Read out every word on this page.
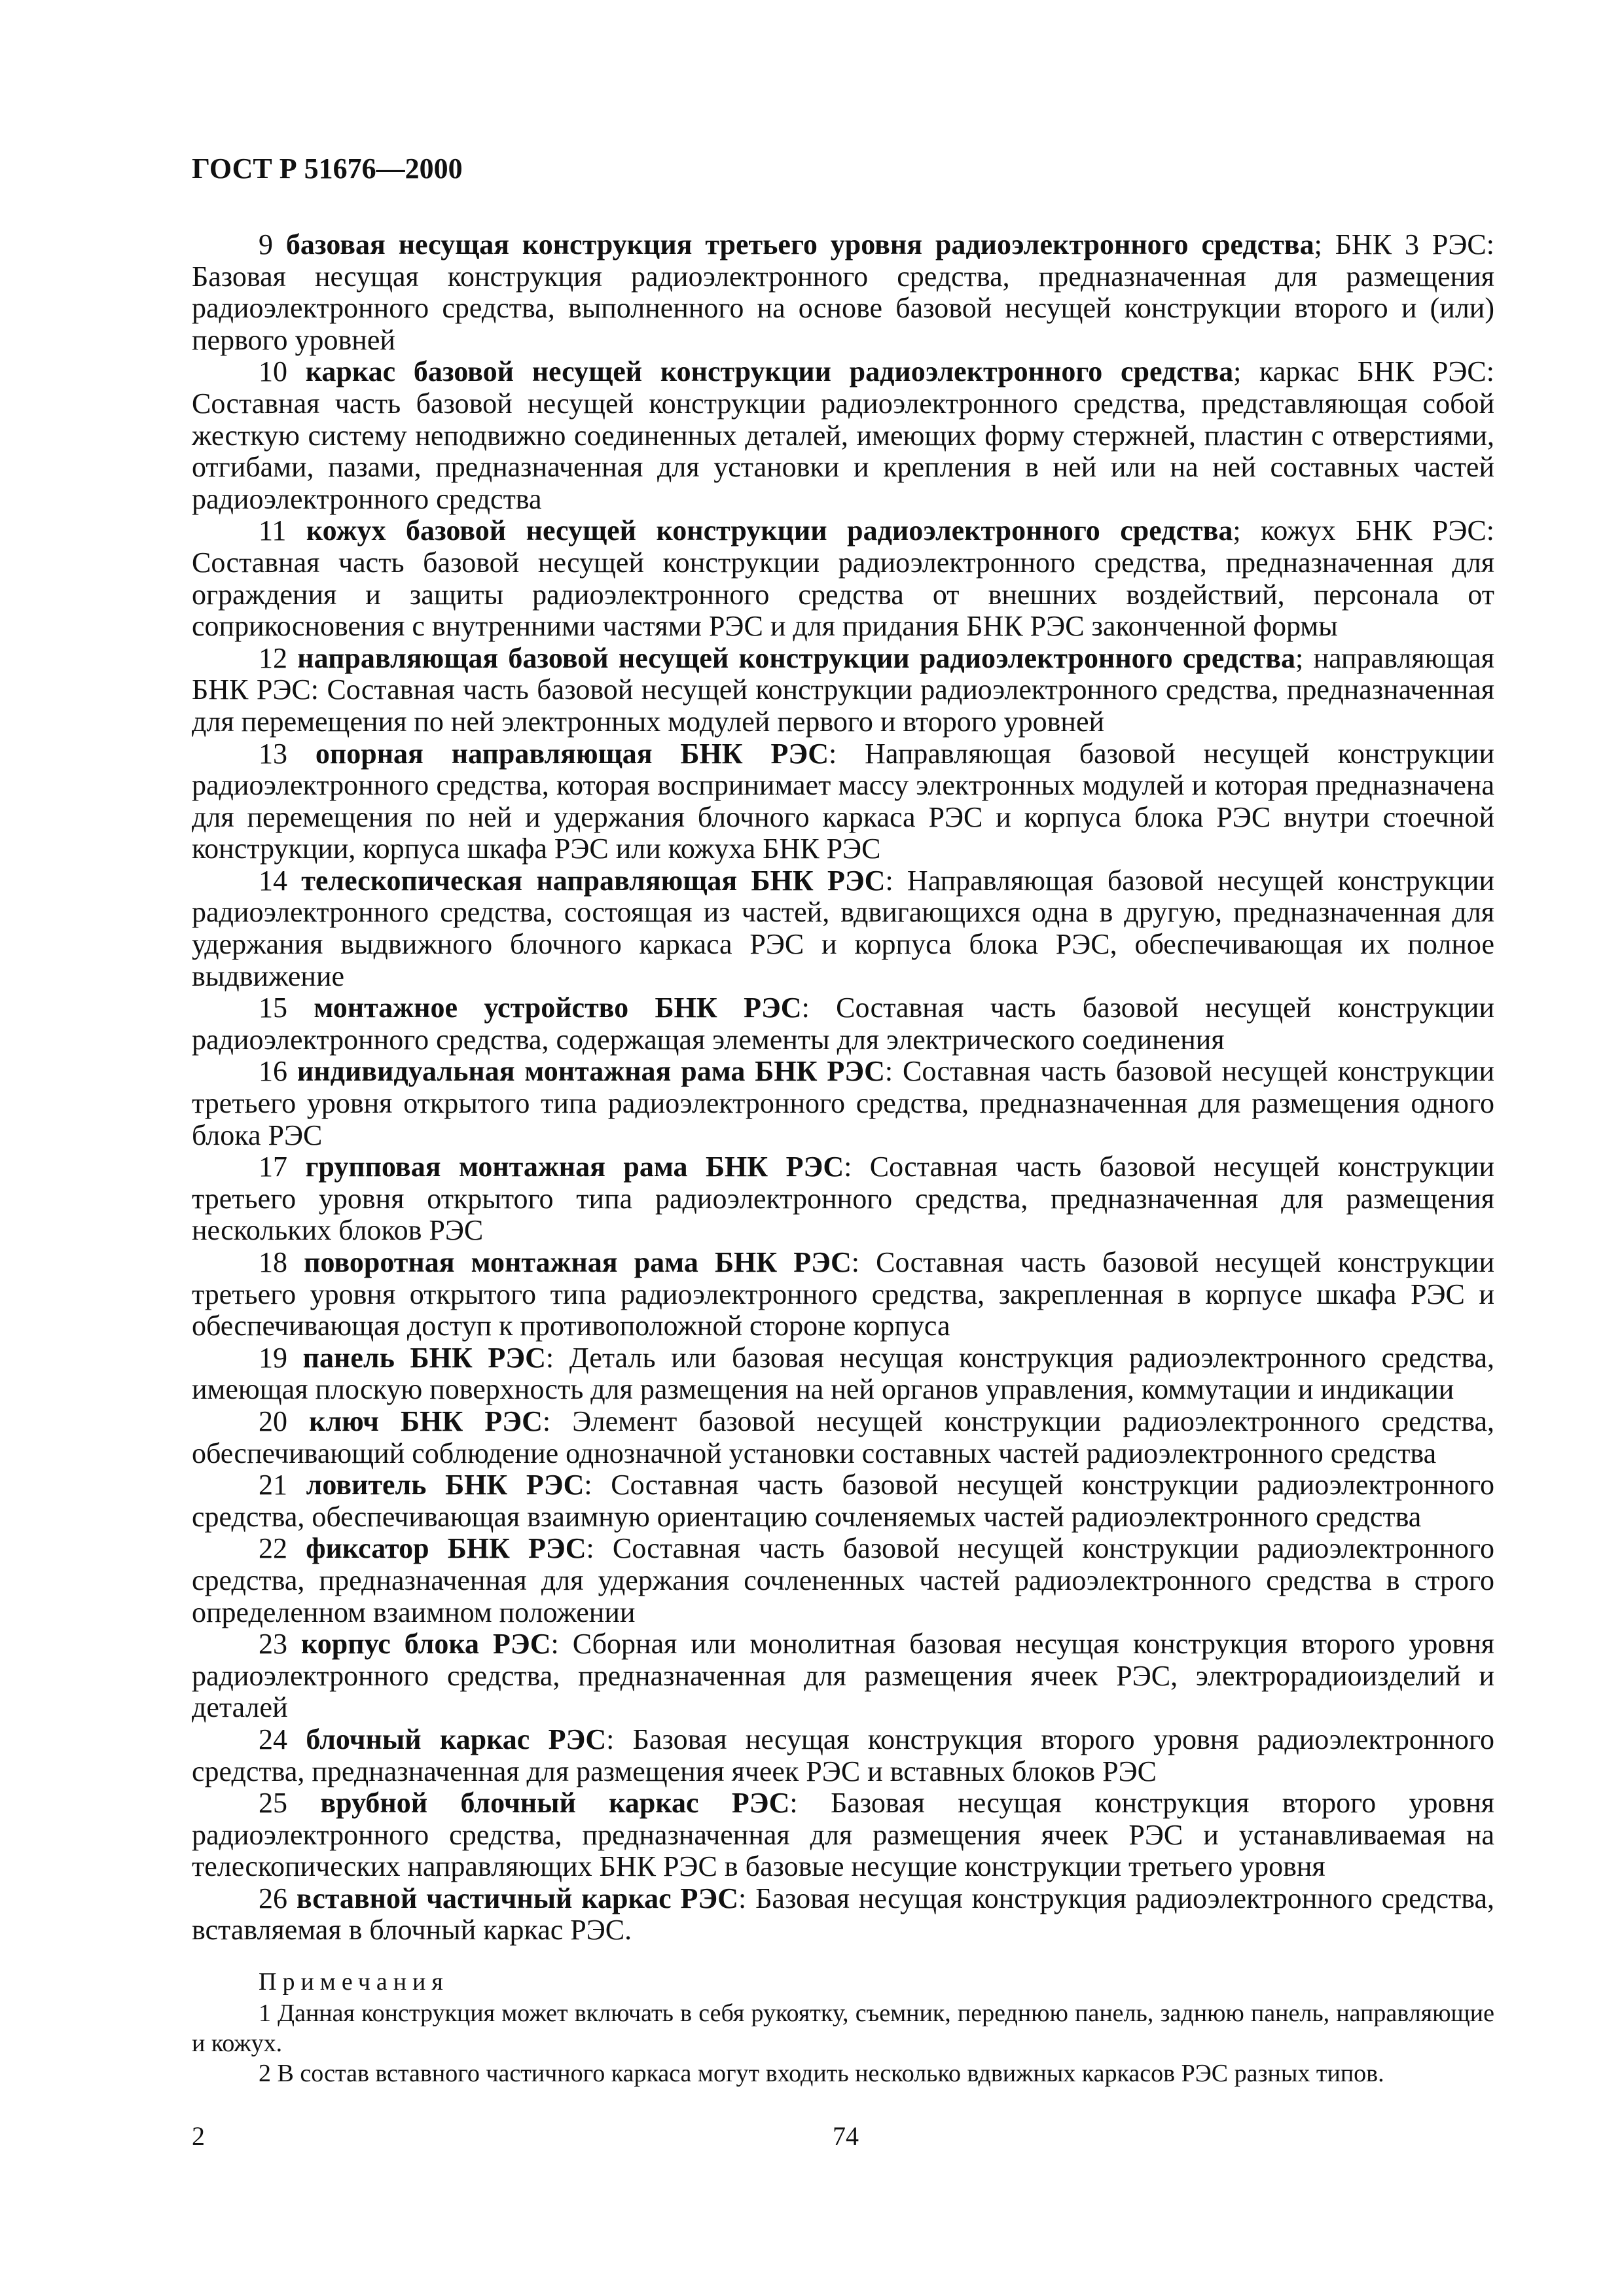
ГОСТ Р 51676—2000

9 базовая несущая конструкция третьего уровня радиоэлектронного средства; БНК 3 РЭС: Базовая несущая конструкция радиоэлектронного средства, предназначенная для размещения радиоэлектронного средства, выполненного на основе базовой несущей конструкции второго и (или) первого уровней

10 каркас базовой несущей конструкции радиоэлектронного средства; каркас БНК РЭС: Составная часть базовой несущей конструкции радиоэлектронного средства, представляющая собой жесткую систему неподвижно соединенных деталей, имеющих форму стержней, пластин с отверстиями, отгибами, пазами, предназначенная для установки и крепления в ней или на ней составных частей радиоэлектронного средства

11 кожух базовой несущей конструкции радиоэлектронного средства; кожух БНК РЭС: Составная часть базовой несущей конструкции радиоэлектронного средства, предназначенная для ограждения и защиты радиоэлектронного средства от внешних воздействий, персонала от соприкосновения с внутренними частями РЭС и для придания БНК РЭС законченной формы

12 направляющая базовой несущей конструкции радиоэлектронного средства; направляющая БНК РЭС: Составная часть базовой несущей конструкции радиоэлектронного средства, предназначенная для перемещения по ней электронных модулей первого и второго уровней

13 опорная направляющая БНК РЭС: Направляющая базовой несущей конструкции радиоэлектронного средства, которая воспринимает массу электронных модулей и которая предназначена для перемещения по ней и удержания блочного каркаса РЭС и корпуса блока РЭС внутри стоечной конструкции, корпуса шкафа РЭС или кожуха БНК РЭС

14 телескопическая направляющая БНК РЭС: Направляющая базовой несущей конструкции радиоэлектронного средства, состоящая из частей, вдвигающихся одна в другую, предназначенная для удержания выдвижного блочного каркаса РЭС и корпуса блока РЭС, обеспечивающая их полное выдвижение

15 монтажное устройство БНК РЭС: Составная часть базовой несущей конструкции радиоэлектронного средства, содержащая элементы для электрического соединения

16 индивидуальная монтажная рама БНК РЭС: Составная часть базовой несущей конструкции третьего уровня открытого типа радиоэлектронного средства, предназначенная для размещения одного блока РЭС

17 групповая монтажная рама БНК РЭС: Составная часть базовой несущей конструкции третьего уровня открытого типа радиоэлектронного средства, предназначенная для размещения нескольких блоков РЭС

18 поворотная монтажная рама БНК РЭС: Составная часть базовой несущей конструкции третьего уровня открытого типа радиоэлектронного средства, закрепленная в корпусе шкафа РЭС и обеспечивающая доступ к противоположной стороне корпуса

19 панель БНК РЭС: Деталь или базовая несущая конструкция радиоэлектронного средства, имеющая плоскую поверхность для размещения на ней органов управления, коммутации и индикации

20 ключ БНК РЭС: Элемент базовой несущей конструкции радиоэлектронного средства, обеспечивающий соблюдение однозначной установки составных частей радиоэлектронного средства

21 ловитель БНК РЭС: Составная часть базовой несущей конструкции радиоэлектронного средства, обеспечивающая взаимную ориентацию сочленяемых частей радиоэлектронного средства

22 фиксатор БНК РЭС: Составная часть базовой несущей конструкции радиоэлектронного средства, предназначенная для удержания сочлененных частей радиоэлектронного средства в строго определенном взаимном положении

23 корпус блока РЭС: Сборная или монолитная базовая несущая конструкция второго уровня радиоэлектронного средства, предназначенная для размещения ячеек РЭС, электрорадиоизделий и деталей

24 блочный каркас РЭС: Базовая несущая конструкция второго уровня радиоэлектронного средства, предназначенная для размещения ячеек РЭС и вставных блоков РЭС

25 врубной блочный каркас РЭС: Базовая несущая конструкция второго уровня радиоэлектронного средства, предназначенная для размещения ячеек РЭС и устанавливаемая на телескопических направляющих БНК РЭС в базовые несущие конструкции третьего уровня

26 вставной частичный каркас РЭС: Базовая несущая конструкция радиоэлектронного средства, вставляемая в блочный каркас РЭС.

Примечания

1 Данная конструкция может включать в себя рукоятку, съемник, переднюю панель, заднюю панель, направляющие и кожух.

2 В состав вставного частичного каркаса могут входить несколько вдвижных каркасов РЭС разных типов.

2	74
